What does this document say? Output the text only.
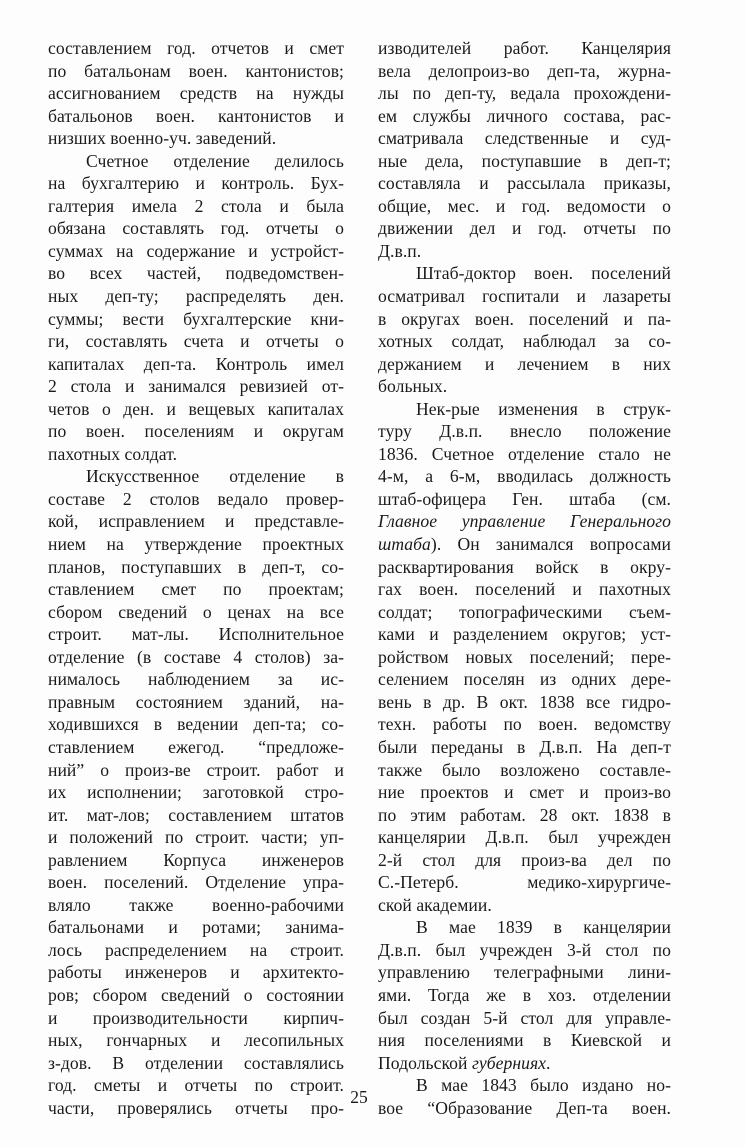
составлением год. отчетов и смет
по батальонам воен. кантонистов;
ассигнованием средств на нужды
батальонов воен. кантонистов и
низших военно-уч. заведений.
Счетное отделение делилось
на бухгалтерию и контроль. Бух-
галтерия имела 2 стола и была
обязана составлять год. отчеты о
суммах на содержание и устройст-
во всех частей, подведомствен-
ных деп-ту; распределять ден.
суммы; вести бухгалтерские кни-
ги, составлять счета и отчеты о
капиталах деп-та. Контроль имел
2 стола и занимался ревизией от-
четов о ден. и вещевых капиталах
по воен. поселениям и округам
пахотных солдат.
Искусственное отделение в
составе 2 столов ведало провер-
кой, исправлением и представле-
нием на утверждение проектных
планов, поступавших в деп-т, со-
ставлением смет по проектам;
сбором сведений о ценах на все
строит. мат-лы. Исполнительное
отделение (в составе 4 столов) за-
нималось наблюдением за ис-
правным состоянием зданий, на-
ходившихся в ведении деп-та; со-
ставлением ежегод. “предложе-
ний” о произ-ве строит. работ и
их исполнении; заготовкой стро-
ит. мат-лов; составлением штатов
и положений по строит. части; уп-
равлением Корпуса инженеров
воен. поселений. Отделение упра-
вляло также военно-рабочими
батальонами и ротами; занима-
лось распределением на строит.
работы инженеров и архитекто-
ров; сбором сведений о состоянии
и производительности кирпич-
ных, гончарных и лесопильных
з-дов. В отделении составлялись
год. сметы и отчеты по строит.
части, проверялись отчеты про-
изводителей работ. Канцелярия
вела делопроиз-во деп-та, журна-
лы по деп-ту, ведала прохождени-
ем службы личного состава, рас-
сматривала следственные и суд-
ные дела, поступавшие в деп-т;
составляла и рассылала приказы,
общие, мес. и год. ведомости о
движении дел и год. отчеты по
Д.в.п.
Штаб-доктор воен. поселений
осматривал госпитали и лазареты
в округах воен. поселений и па-
хотных солдат, наблюдал за со-
держанием и лечением в них
больных.
Нек-рые изменения в струк-
туру Д.в.п. внесло положение
1836. Счетное отделение стало не
4-м, а 6-м, вводилась должность
штаб-офицера Ген. штаба (см.
Главное управление Генерального
штаба). Он занимался вопросами
расквартирования войск в окру-
гах воен. поселений и пахотных
солдат; топографическими съем-
ками и разделением округов; уст-
ройством новых поселений; пере-
селением поселян из одних дере-
вень в др. В окт. 1838 все гидро-
техн. работы по воен. ведомству
были переданы в Д.в.п. На деп-т
также было возложено составле-
ние проектов и смет и произ-во
по этим работам. 28 окт. 1838 в
канцелярии Д.в.п. был учрежден
2-й стол для произ-ва дел по
С.-Петерб. медико-хирургиче-
ской академии.
В мае 1839 в канцелярии
Д.в.п. был учрежден 3-й стол по
управлению телеграфными лини-
ями. Тогда же в хоз. отделении
был создан 5-й стол для управле-
ния поселениями в Киевской и
Подольской губерниях.
В мае 1843 было издано но-
вое “Образование Деп-та воен.
25
